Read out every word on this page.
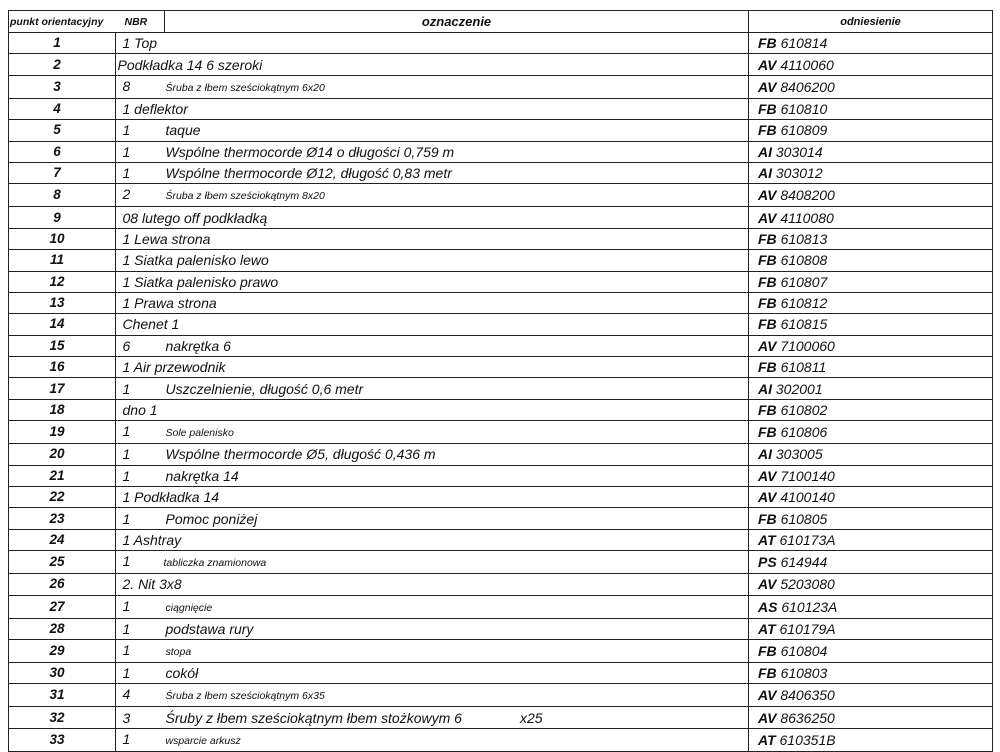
punkt orientacyjny	NBR	oznaczenie	odniesienie
1		1 Top	FB 610814
2		Podkładka 14 6 szeroki	AV 4110060
3		8 Śruba z łbem sześciokątnym 6x20	AV 8406200
4		1 deflektor	FB 610810
5		1 taque	FB 610809
6		1 Wspólne thermocorde Ø14 o długości 0,759 m	AI 303014
7		1 Wspólne thermocorde Ø12, długość 0,83 metr	AI 303012
8		2 Śruba z łbem sześciokątnym 8x20	AV 8408200
9		08 lutego off podkładką	AV 4110080
10		1 Lewa strona	FB 610813
11		1 Siatka palenisko lewo	FB 610808
12		1 Siatka palenisko prawo	FB 610807
13		1 Prawa strona	FB 610812
14		Chenet 1	FB 610815
15		6 nakrętka 6	AV 7100060
16		1 Air przewodnik	FB 610811
17		1 Uszczelnienie, długość 0,6 metr	AI 302001
18		dno 1	FB 610802
19		1 Sole palenisko	FB 610806
20		1 Wspólne thermocorde Ø5, długość 0,436 m	AI 303005
21		1 nakrętka 14	AV 7100140
22		1 Podkładka 14	AV 4100140
23		1 Pomoc poniżej	FB 610805
24		1 Ashtray	AT 610173A
25		1 tabliczka znamionowa	PS 614944
26		2. Nit 3x8	AV 5203080
27		1 ciągnięcie	AS 610123A
28		1 podstawa rury	AT 610179A
29		1 stopa	FB 610804
30		1 cokół	FB 610803
31		4 Śruba z łbem sześciokątnym 6x35	AV 8406350
32		3 Śruby z łbem sześciokątnym łbem stożkowym 6 x25	AV 8636250
33		1 wsparcie arkusz	AT 610351B
